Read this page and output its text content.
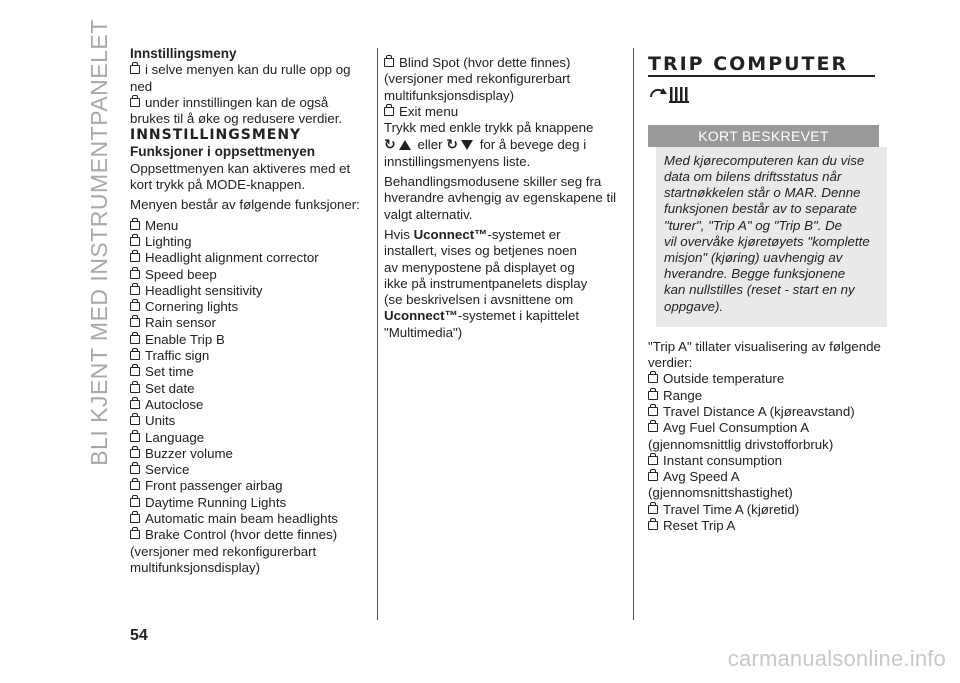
BLI KJENT MED INSTRUMENTPANELET Innstillingsmeny

i selve menyen kan du rulle opp og

ned

under innstillingen kan de også

brukes til å øke og redusere verdier.

INNSTILLINGSMENY

Funksjoner i oppsettmenyen

Oppsettmenyen kan aktiveres med et

kort trykk på MODE-knappen.

Menyen består av følgende funksjoner:

Menu

Lighting

Headlight alignment corrector

Speed beep

Headlight sensitivity

Cornering lights

Rain sensor

Enable Trip B

Traffic sign

Set time

Set date

Autoclose

Units

Language

Buzzer volume

Service

Front passenger airbag

Daytime Running Lights

Automatic main beam headlights

Brake Control (hvor dette finnes)

(versjoner med rekonfigurerbart

multifunksjonsdisplay)

Blind Spot (hvor dette finnes)

(versjoner med rekonfigurerbart

multifunksjonsdisplay)

Exit menu

Trykk med enkle trykk på knappene

↻ eller ↻ for å bevege deg i

innstillingsmenyens liste.

Behandlingsmodusene skiller seg fra

hverandre avhengig av egenskapene til

valgt alternativ.

Hvis Uconnect™-systemet er

installert, vises og betjenes noen

av menypostene på displayet og

ikke på instrumentpanelets display

(se beskrivelsen i avsnittene om

Uconnect™-systemet i kapittelet

"Multimedia")

TRIP COMPUTER

KORT BESKREVET

Med kjørecomputeren kan du vise

data om bilens driftsstatus når

startnøkkelen står o MAR. Denne

funksjonen består av to separate

"turer", "Trip A" og "Trip B". De

vil overvåke kjøretøyets "komplette

misjon" (kjøring) uavhengig av

hverandre. Begge funksjonene

kan nullstilles (reset - start en ny

oppgave).

"Trip A" tillater visualisering av følgende

verdier:

Outside temperature

Range

Travel Distance A (kjøreavstand)

Avg Fuel Consumption A

(gjennomsnittlig drivstofforbruk)

Instant consumption

Avg Speed A

(gjennomsnittshastighet)

Travel Time A (kjøretid)

Reset Trip A

54
carmanualsonline.info
